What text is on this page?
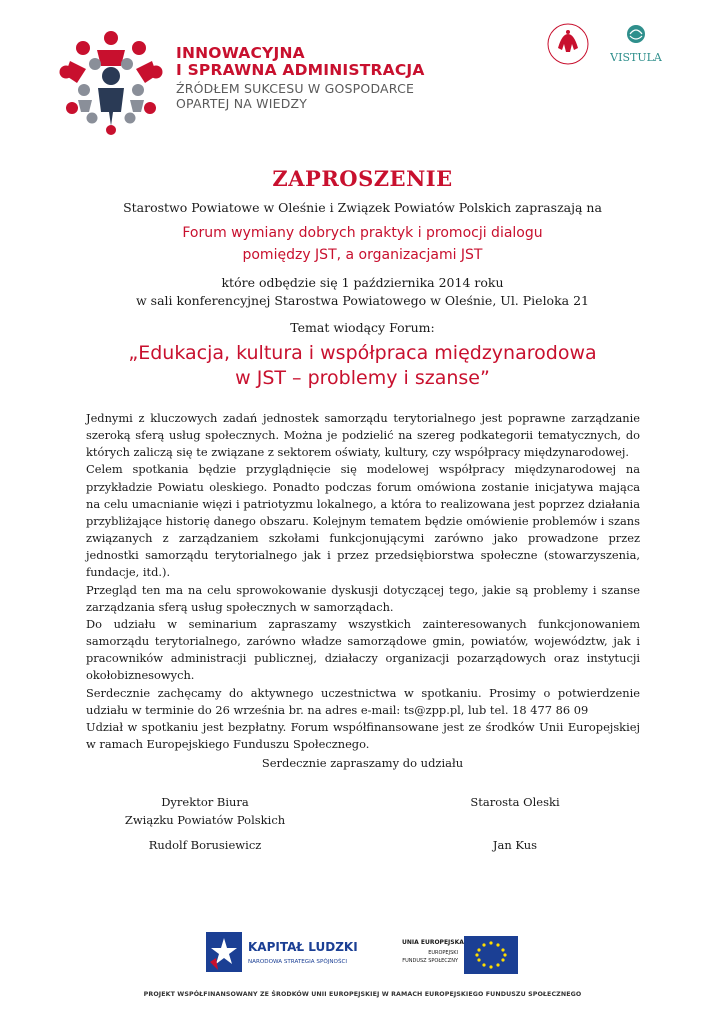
INNOWACYJNA
I SPRAWNA ADMINISTRACJA
ŹRÓDŁEM SUKCESU W GOSPODARCE
OPARTEJ NA WIEDZY
VISTULA
ZAPROSZENIE
Starostwo Powiatowe w Oleśnie i Związek Powiatów Polskich zapraszają na
Forum wymiany dobrych praktyk i promocji dialogu
pomiędzy JST, a organizacjami JST
które odbędzie się 1 października 2014 roku
w sali konferencyjnej Starostwa Powiatowego w Oleśnie, Ul. Pieloka 21
Temat wiodący Forum:
„Edukacja, kultura i współpraca międzynarodowa
w JST – problemy i szanse”

Jednymi z kluczowych zadań jednostek samorządu terytorialnego jest poprawne zarządzanie szeroką sferą usług społecznych. Można je podzielić na szereg podkategorii tematycznych, do których zaliczą się te związane z sektorem oświaty, kultury, czy współpracy międzynarodowej.

Celem spotkania będzie przyglądnięcie się modelowej współpracy międzynarodowej na przykładzie Powiatu oleskiego. Ponadto podczas forum omówiona zostanie inicjatywa mająca na celu umacnianie więzi i patriotyzmu lokalnego, a która to realizowana jest poprzez działania przybliżające historię danego obszaru. Kolejnym tematem będzie omówienie problemów i szans związanych z zarządzaniem szkołami funkcjonującymi zarówno jako prowadzone przez jednostki samorządu terytorialnego jak i przez przedsiębiorstwa społeczne (stowarzyszenia, fundacje, itd.).

Przegląd ten ma na celu sprowokowanie dyskusji dotyczącej tego, jakie są problemy i szanse zarządzania sferą usług społecznych w samorządach.

Do udziału w seminarium zapraszamy wszystkich zainteresowanych funkcjonowaniem samorządu terytorialnego, zarówno władze samorządowe gmin, powiatów, województw, jak i pracowników administracji publicznej, działaczy organizacji pozarządowych oraz instytucji okołobiznesowych.

Serdecznie zachęcamy do aktywnego uczestnictwa w spotkaniu. Prosimy o potwierdzenie udziału w terminie do 26 września br. na adres e-mail: ts@zpp.pl, lub tel. 18 477 86 09

Udział w spotkaniu jest bezpłatny. Forum współfinansowane jest ze środków Unii Europejskiej w ramach Europejskiego Funduszu Społecznego.

Serdecznie zapraszamy do udziału
Dyrektor Biura
Związku Powiatów Polskich
Rudolf Borusiewicz
Starosta Oleski
Jan Kus
KAPITAŁ LUDZKI
NARODOWA STRATEGIA SPÓJNOŚCI
UNIA EUROPEJSKA
EUROPEJSKI
FUNDUSZ SPOŁECZNY
PROJEKT WSPÓŁFINANSOWANY ZE ŚRODKÓW UNII EUROPEJSKIEJ W RAMACH EUROPEJSKIEGO FUNDUSZU SPOŁECZNEGO
